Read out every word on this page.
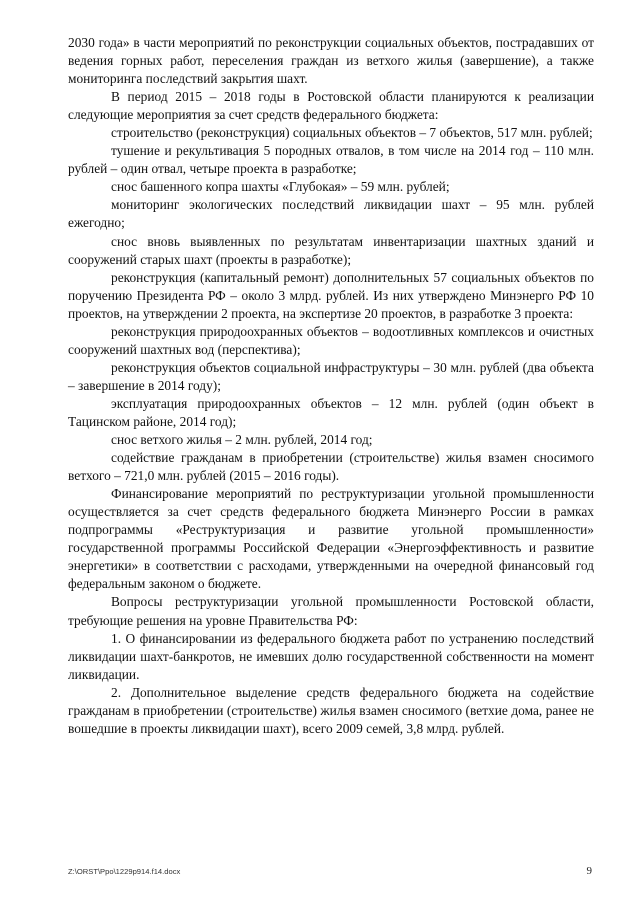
2030 года» в части мероприятий по реконструкции социальных объектов, пострадавших от ведения горных работ, переселения граждан из ветхого жилья (завершение), а также мониторинга последствий закрытия шахт.

В период 2015 – 2018 годы в Ростовской области планируются к реализации следующие мероприятия за счет средств федерального бюджета:

строительство (реконструкция) социальных объектов – 7 объектов, 517 млн. рублей;

тушение и рекультивация 5 породных отвалов, в том числе на 2014 год – 110 млн. рублей – один отвал, четыре проекта в разработке;

снос башенного копра шахты «Глубокая» – 59 млн. рублей;

мониторинг экологических последствий ликвидации шахт – 95 млн. рублей ежегодно;

снос вновь выявленных по результатам инвентаризации шахтных зданий и сооружений старых шахт (проекты в разработке);

реконструкция (капитальный ремонт) дополнительных 57 социальных объектов по поручению Президента РФ – около 3 млрд. рублей. Из них утверждено Минэнерго РФ 10 проектов, на утверждении 2 проекта, на экспертизе 20 проектов, в разработке 3 проекта:

реконструкция природоохранных объектов – водоотливных комплексов и очистных сооружений шахтных вод (перспектива);

реконструкция объектов социальной инфраструктуры – 30 млн. рублей (два объекта – завершение в 2014 году);

эксплуатация природоохранных объектов – 12 млн. рублей (один объект в Тацинском районе, 2014 год);

снос ветхого жилья – 2 млн. рублей, 2014 год;

содействие гражданам в приобретении (строительстве) жилья взамен сносимого ветхого – 721,0 млн. рублей (2015 – 2016 годы).

Финансирование мероприятий по реструктуризации угольной промышленности осуществляется за счет средств федерального бюджета Минэнерго России в рамках подпрограммы «Реструктуризация и развитие угольной промышленности» государственной программы Российской Федерации «Энергоэффективность и развитие энергетики» в соответствии с расходами, утвержденными на очередной финансовый год федеральным законом о бюджете.

Вопросы реструктуризации угольной промышленности Ростовской области, требующие решения на уровне Правительства РФ:

1. О финансировании из федерального бюджета работ по устранению последствий ликвидации шахт-банкротов, не имевших долю государственной собственности на момент ликвидации.

2. Дополнительное выделение средств федерального бюджета на содействие гражданам в приобретении (строительстве) жилья взамен сносимого (ветхие дома, ранее не вошедшие в проекты ликвидации шахт), всего 2009 семей, 3,8 млрд. рублей.

Z:\ORST\Ppo\1229p914.f14.docx	9
